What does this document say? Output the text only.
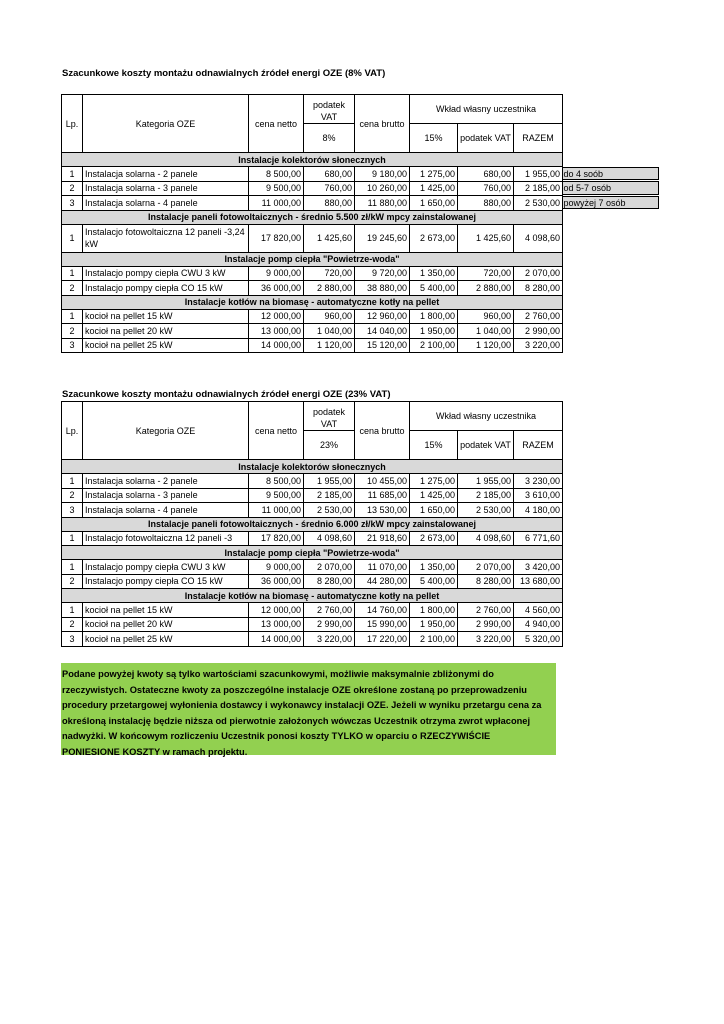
Szacunkowe koszty montażu odnawialnych źródeł energi OZE (8% VAT)
Lp.	Kategoria OZE	cena netto	podatek VAT	cena brutto	Wkład własny uczestnika		
			8%		15%	podatek VAT	RAZEM
Instalacje kolektorów słonecznych							
1	Instalacja solarna - 2 panele	8 500,00	680,00	9 180,00	1 275,00	680,00	1 955,00
2	Instalacja solarna - 3 panele	9 500,00	760,00	10 260,00	1 425,00	760,00	2 185,00
3	Instalacja solarna - 4 panele	11 000,00	880,00	11 880,00	1 650,00	880,00	2 530,00
Instalacje paneli fotowoltaicznych - średnio 5.500 zł/kW mpcy zainstalowanej							
1	Instalacjo fotowoltaiczna 12 paneli -3,24 kW	17 820,00	1 425,60	19 245,60	2 673,00	1 425,60	4 098,60
Instalacje pomp ciepła "Powietrze-woda"							
1	Instalacjo pompy ciepła CWU 3 kW	9 000,00	720,00	9 720,00	1 350,00	720,00	2 070,00
2	Instalacjo pompy ciepła CO 15 kW	36 000,00	2 880,00	38 880,00	5 400,00	2 880,00	8 280,00
Instalacje kotłów na biomasę - automatyczne kotły na pellet							
1	kocioł na pellet 15 kW	12 000,00	960,00	12 960,00	1 800,00	960,00	2 760,00
2	kocioł na pellet 20 kW	13 000,00	1 040,00	14 040,00	1 950,00	1 040,00	2 990,00
3	kocioł na pellet 25 kW	14 000,00	1 120,00	15 120,00	2 100,00	1 120,00	3 220,00
Szacunkowe koszty montażu odnawialnych źródeł energi OZE (23% VAT)
Lp.	Kategoria OZE	cena netto	podatek VAT	cena brutto	Wkład własny uczestnika		
			23%		15%	podatek VAT	RAZEM
Instalacje kolektorów słonecznych							
1	Instalacja solarna - 2 panele	8 500,00	1 955,00	10 455,00	1 275,00	1 955,00	3 230,00
2	Instalacja solarna - 3 panele	9 500,00	2 185,00	11 685,00	1 425,00	2 185,00	3 610,00
3	Instalacja solarna - 4 panele	11 000,00	2 530,00	13 530,00	1 650,00	2 530,00	4 180,00
Instalacje paneli fotowoltaicznych - średnio 6.000 zł/kW mpcy zainstalowanej							
1	Instalacjo fotowoltaiczna 12 paneli -3	17 820,00	4 098,60	21 918,60	2 673,00	4 098,60	6 771,60
Instalacje pomp ciepła "Powietrze-woda"							
1	Instalacjo pompy ciepła CWU 3 kW	9 000,00	2 070,00	11 070,00	1 350,00	2 070,00	3 420,00
2	Instalacjo pompy ciepła CO 15 kW	36 000,00	8 280,00	44 280,00	5 400,00	8 280,00	13 680,00
Instalacje kotłów na biomasę - automatyczne kotły na pellet							
1	kocioł na pellet 15 kW	12 000,00	2 760,00	14 760,00	1 800,00	2 760,00	4 560,00
2	kocioł na pellet 20 kW	13 000,00	2 990,00	15 990,00	1 950,00	2 990,00	4 940,00
3	kocioł na pellet 25 kW	14 000,00	3 220,00	17 220,00	2 100,00	3 220,00	5 320,00
Podane powyżej kwoty są tylko wartościami szacunkowymi, możliwie maksymalnie zbliżonymi do rzeczywistych. Ostateczne kwoty za poszczególne instalacje OZE określone zostaną po przeprowadzeniu procedury przetargowej wyłonienia dostawcy i wykonawcy instalacji OZE. Jeżeli w wyniku przetargu cena za określoną instalację będzie niższa od pierwotnie założonych wówczas Uczestnik otrzyma zwrot wpłaconej nadwyżki. W końcowym rozliczeniu Uczestnik ponosi koszty TYLKO w oparciu o RZECZYWIŚCIE PONIESIONE KOSZTY w ramach projektu.
do 4 soób
od 5-7 osób
powyżej 7 osób
